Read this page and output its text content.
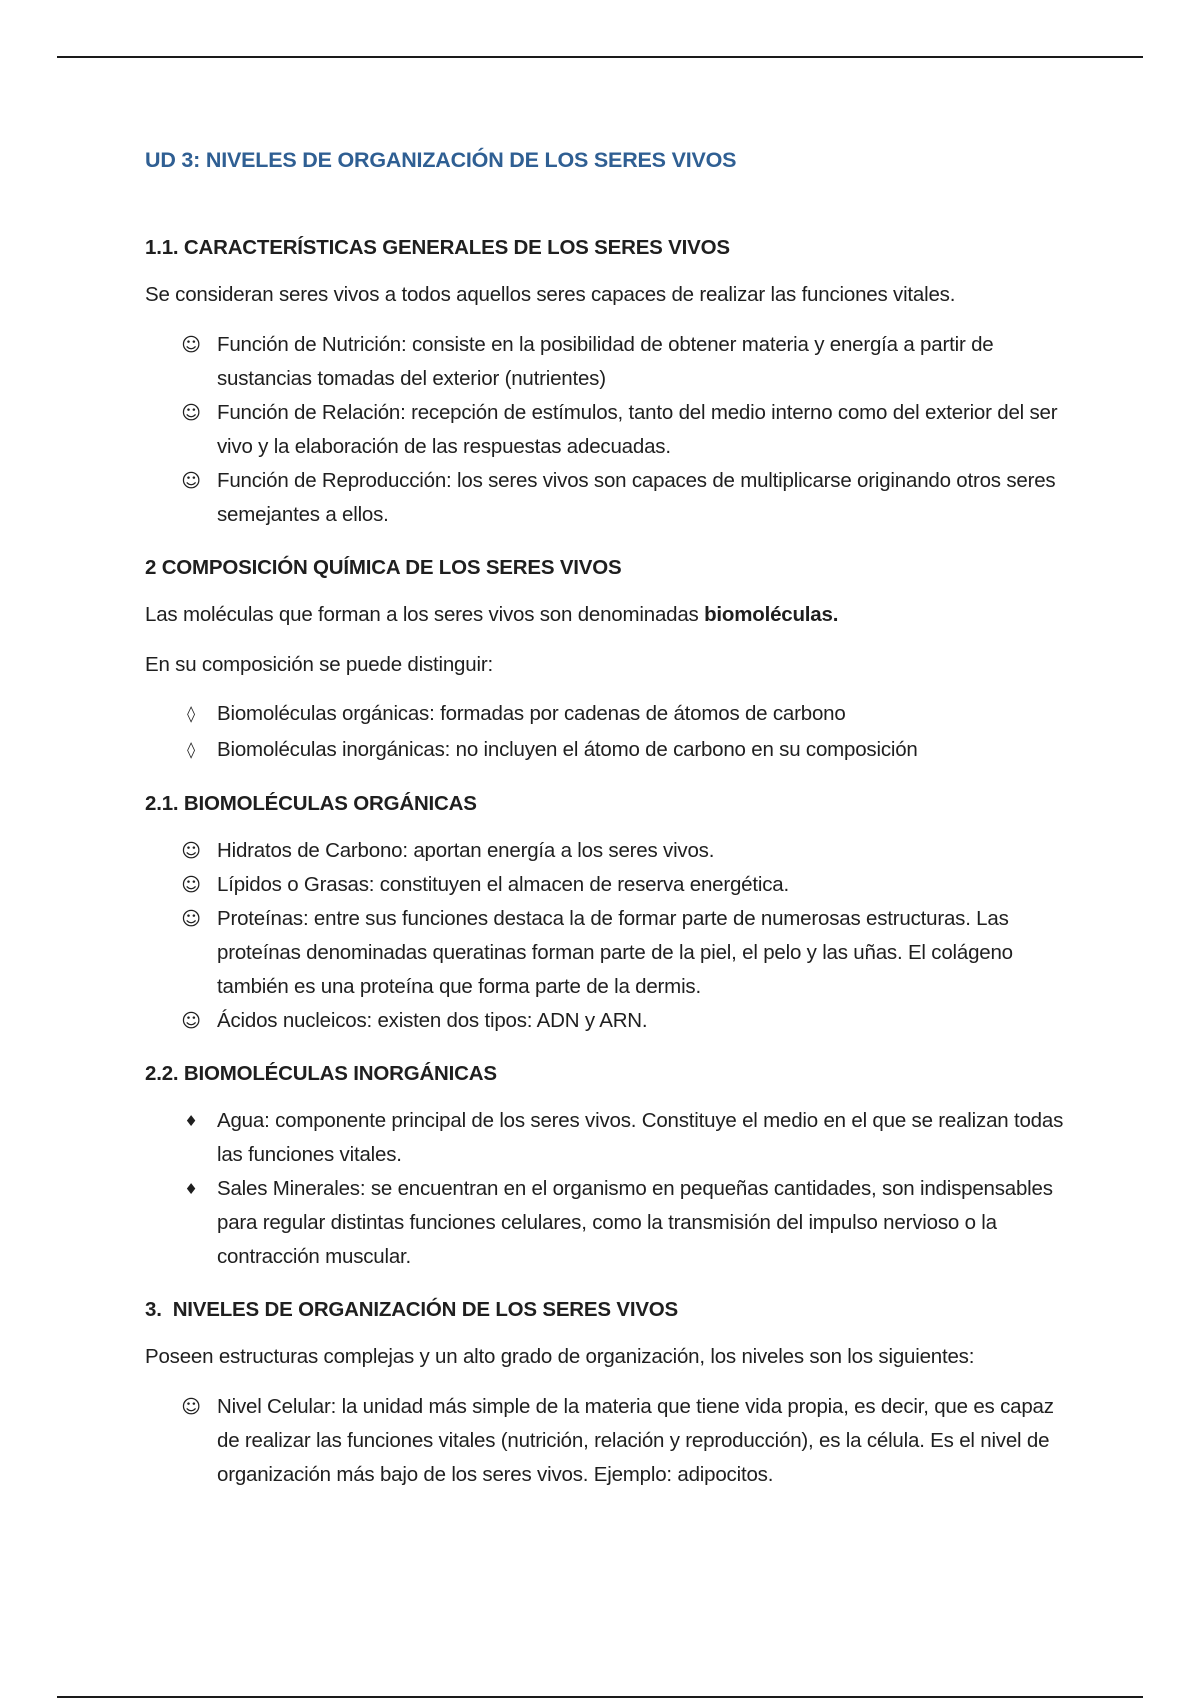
UD 3: NIVELES DE ORGANIZACIÓN DE LOS SERES VIVOS
1.1. CARACTERÍSTICAS GENERALES DE LOS SERES VIVOS

Se consideran seres vivos a todos aquellos seres capaces de realizar las funciones vitales.

☺ Función de Nutrición: consiste en la posibilidad de obtener materia y energía a partir de sustancias tomadas del exterior (nutrientes)
☺ Función de Relación: recepción de estímulos, tanto del medio interno como del exterior del ser vivo y la elaboración de las respuestas adecuadas.
☺ Función de Reproducción: los seres vivos son capaces de multiplicarse originando otros seres semejantes a ellos.
2 COMPOSICIÓN QUÍMICA DE LOS SERES VIVOS

Las moléculas que forman a los seres vivos son denominadas biomoléculas.

En su composición se puede distinguir:

◊	Biomoléculas orgánicas: formadas por cadenas de átomos de carbono
◊	Biomoléculas inorgánicas: no incluyen el átomo de carbono en su composición
2.1. BIOMOLÉCULAS ORGÁNICAS
☺ Hidratos de Carbono: aportan energía a los seres vivos.
☺ Lípidos o Grasas: constituyen el almacen de reserva energética.
☺ Proteínas: entre sus funciones destaca la de formar parte de numerosas estructuras. Las proteínas denominadas queratinas forman parte de la piel, el pelo y las uñas. El colágeno también es una proteína que forma parte de la dermis.
☺ Ácidos nucleicos: existen dos tipos: ADN y ARN.
2.2. BIOMOLÉCULAS INORGÁNICAS
♦ Agua: componente principal de los seres vivos. Constituye el medio en el que se realizan todas las funciones vitales.
♦ Sales Minerales: se encuentran en el organismo en pequeñas cantidades, son indispensables para regular distintas funciones celulares, como la transmisión del impulso nervioso o la contracción muscular.
3.  NIVELES DE ORGANIZACIÓN DE LOS SERES VIVOS

Poseen estructuras complejas y un alto grado de organización, los niveles son los siguientes:

☺ Nivel Celular: la unidad más simple de la materia que tiene vida propia, es decir, que es capaz de realizar las funciones vitales (nutrición, relación y reproducción), es la célula. Es el nivel de organización más bajo de los seres vivos. Ejemplo: adipocitos.
